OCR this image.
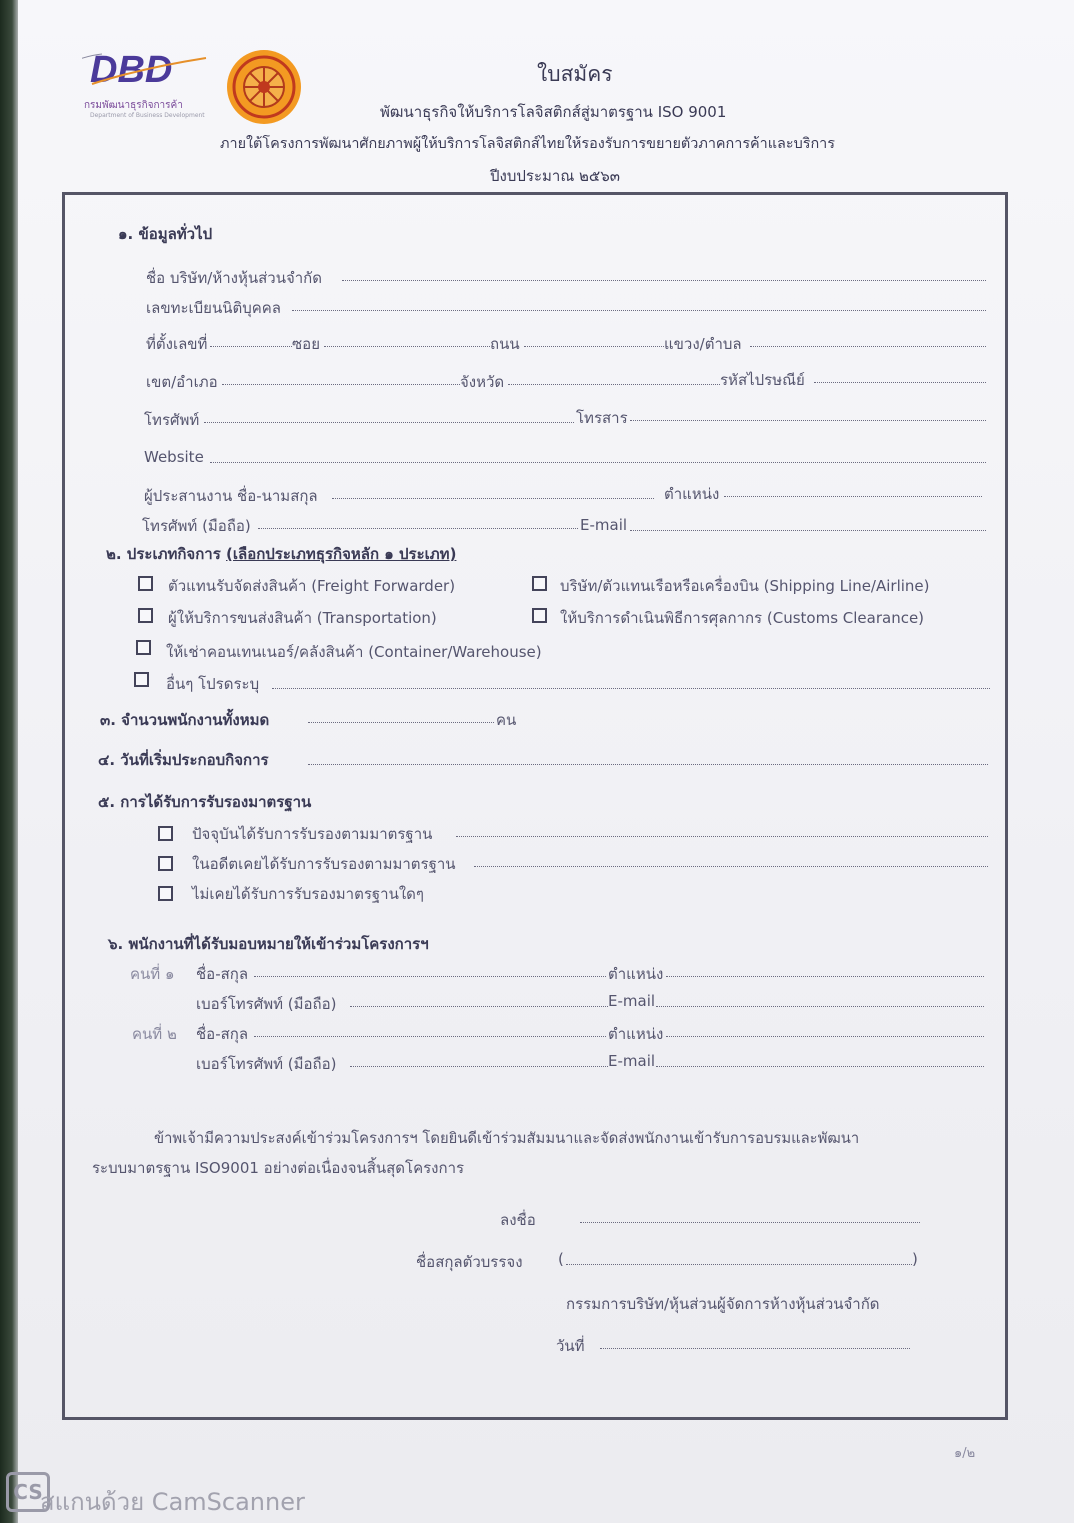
DBD
กรมพัฒนาธุรกิจการค้า
Department of Business Development
ใบสมัคร
พัฒนาธุรกิจให้บริการโลจิสติกส์สู่มาตรฐาน ISO 9001
ภายใต้โครงการพัฒนาศักยภาพผู้ให้บริการโลจิสติกส์ไทยให้รองรับการขยายตัวภาคการค้าและบริการ
ปีงบประมาณ ๒๕๖๓
๑. ข้อมูลทั่วไป
ชื่อ บริษัท/ห้างหุ้นส่วนจำกัด
เลขทะเบียนนิติบุคคล
ที่ตั้งเลขที่	ซอย	ถนน	แขวง/ตำบล
เขต/อำเภอ	จังหวัด	รหัสไปรษณีย์
โทรศัพท์	โทรสาร
Website
ผู้ประสานงาน ชื่อ-นามสกุล	ตำแหน่ง
โทรศัพท์ (มือถือ)	E-mail
๒. ประเภทกิจการ (เลือกประเภทธุรกิจหลัก ๑ ประเภท)
ตัวแทนรับจัดส่งสินค้า (Freight Forwarder)	บริษัท/ตัวแทนเรือหรือเครื่องบิน (Shipping Line/Airline)
ผู้ให้บริการขนส่งสินค้า (Transportation)	ให้บริการดำเนินพิธีการศุลกากร (Customs Clearance)
ให้เช่าคอนเทนเนอร์/คลังสินค้า (Container/Warehouse)
อื่นๆ โปรดระบุ
๓. จำนวนพนักงานทั้งหมด	คน
๔. วันที่เริ่มประกอบกิจการ
๕. การได้รับการรับรองมาตรฐาน
ปัจจุบันได้รับการรับรองตามมาตรฐาน
ในอดีตเคยได้รับการรับรองตามมาตรฐาน
ไม่เคยได้รับการรับรองมาตรฐานใดๆ
๖. พนักงานที่ได้รับมอบหมายให้เข้าร่วมโครงการฯ
คนที่ ๑ ชื่อ-สกุล	ตำแหน่ง
เบอร์โทรศัพท์ (มือถือ)	E-mail
คนที่ ๒ ชื่อ-สกุล	ตำแหน่ง
เบอร์โทรศัพท์ (มือถือ)	E-mail
ข้าพเจ้ามีความประสงค์เข้าร่วมโครงการฯ โดยยินดีเข้าร่วมสัมมนาและจัดส่งพนักงานเข้ารับการอบรมและพัฒนา
ระบบมาตรฐาน ISO9001 อย่างต่อเนื่องจนสิ้นสุดโครงการ
ลงชื่อ
ชื่อสกุลตัวบรรจง (	)
กรรมการบริษัท/หุ้นส่วนผู้จัดการห้างหุ้นส่วนจำกัด
วันที่
๑/๒
CS
สแกนด้วย CamScanner
